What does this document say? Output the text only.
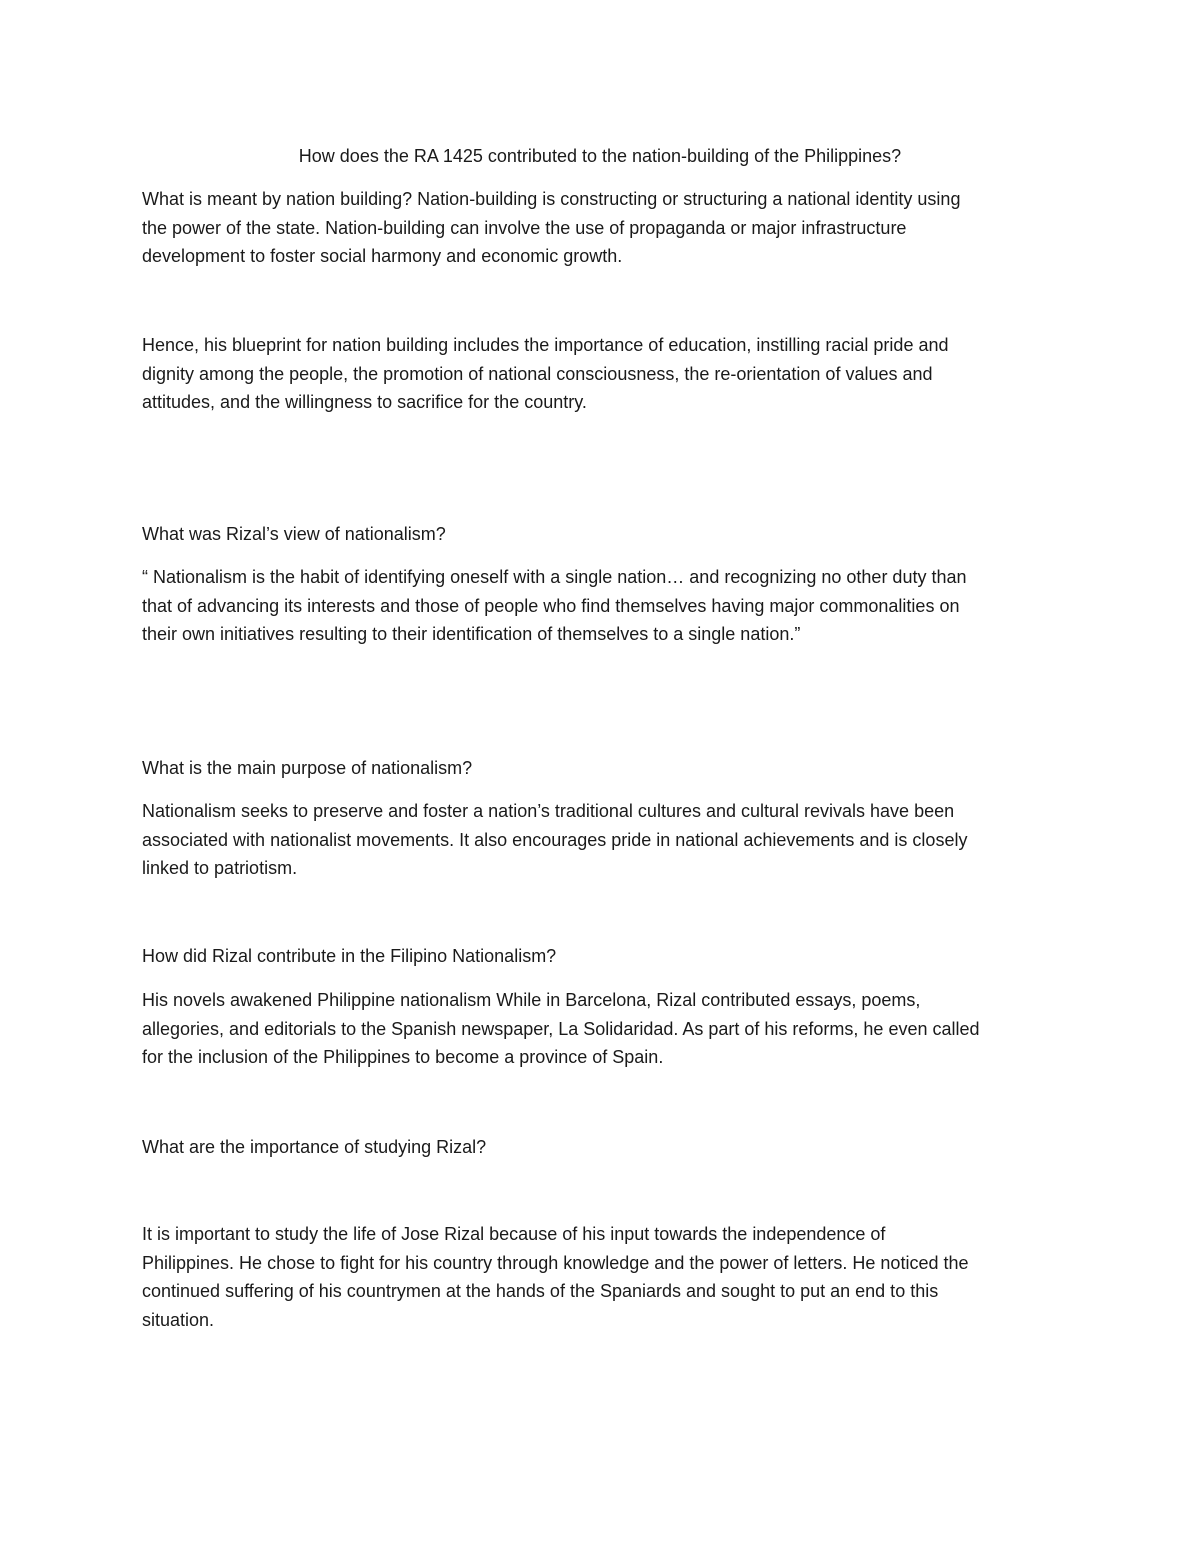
How does the RA 1425 contributed to the nation-building of the Philippines?

What is meant by nation building? Nation-building is constructing or structuring a national identity using
the power of the state. Nation-building can involve the use of propaganda or major infrastructure
development to foster social harmony and economic growth.

Hence, his blueprint for nation building includes the importance of education, instilling racial pride and
dignity among the people, the promotion of national consciousness, the re-orientation of values and
attitudes, and the willingness to sacrifice for the country.

What was Rizal’s view of nationalism?

“ Nationalism is the habit of identifying oneself with a single nation… and recognizing no other duty than
that of advancing its interests and those of people who find themselves having major commonalities on
their own initiatives resulting to their identification of themselves to a single nation.”

What is the main purpose of nationalism?

Nationalism seeks to preserve and foster a nation’s traditional cultures and cultural revivals have been
associated with nationalist movements. It also encourages pride in national achievements and is closely
linked to patriotism.

How did Rizal contribute in the Filipino Nationalism?

His novels awakened Philippine nationalism While in Barcelona, Rizal contributed essays, poems,
allegories, and editorials to the Spanish newspaper, La Solidaridad. As part of his reforms, he even called
for the inclusion of the Philippines to become a province of Spain.

What are the importance of studying Rizal?

It is important to study the life of Jose Rizal because of his input towards the independence of
Philippines. He chose to fight for his country through knowledge and the power of letters. He noticed the
continued suffering of his countrymen at the hands of the Spaniards and sought to put an end to this
situation.
